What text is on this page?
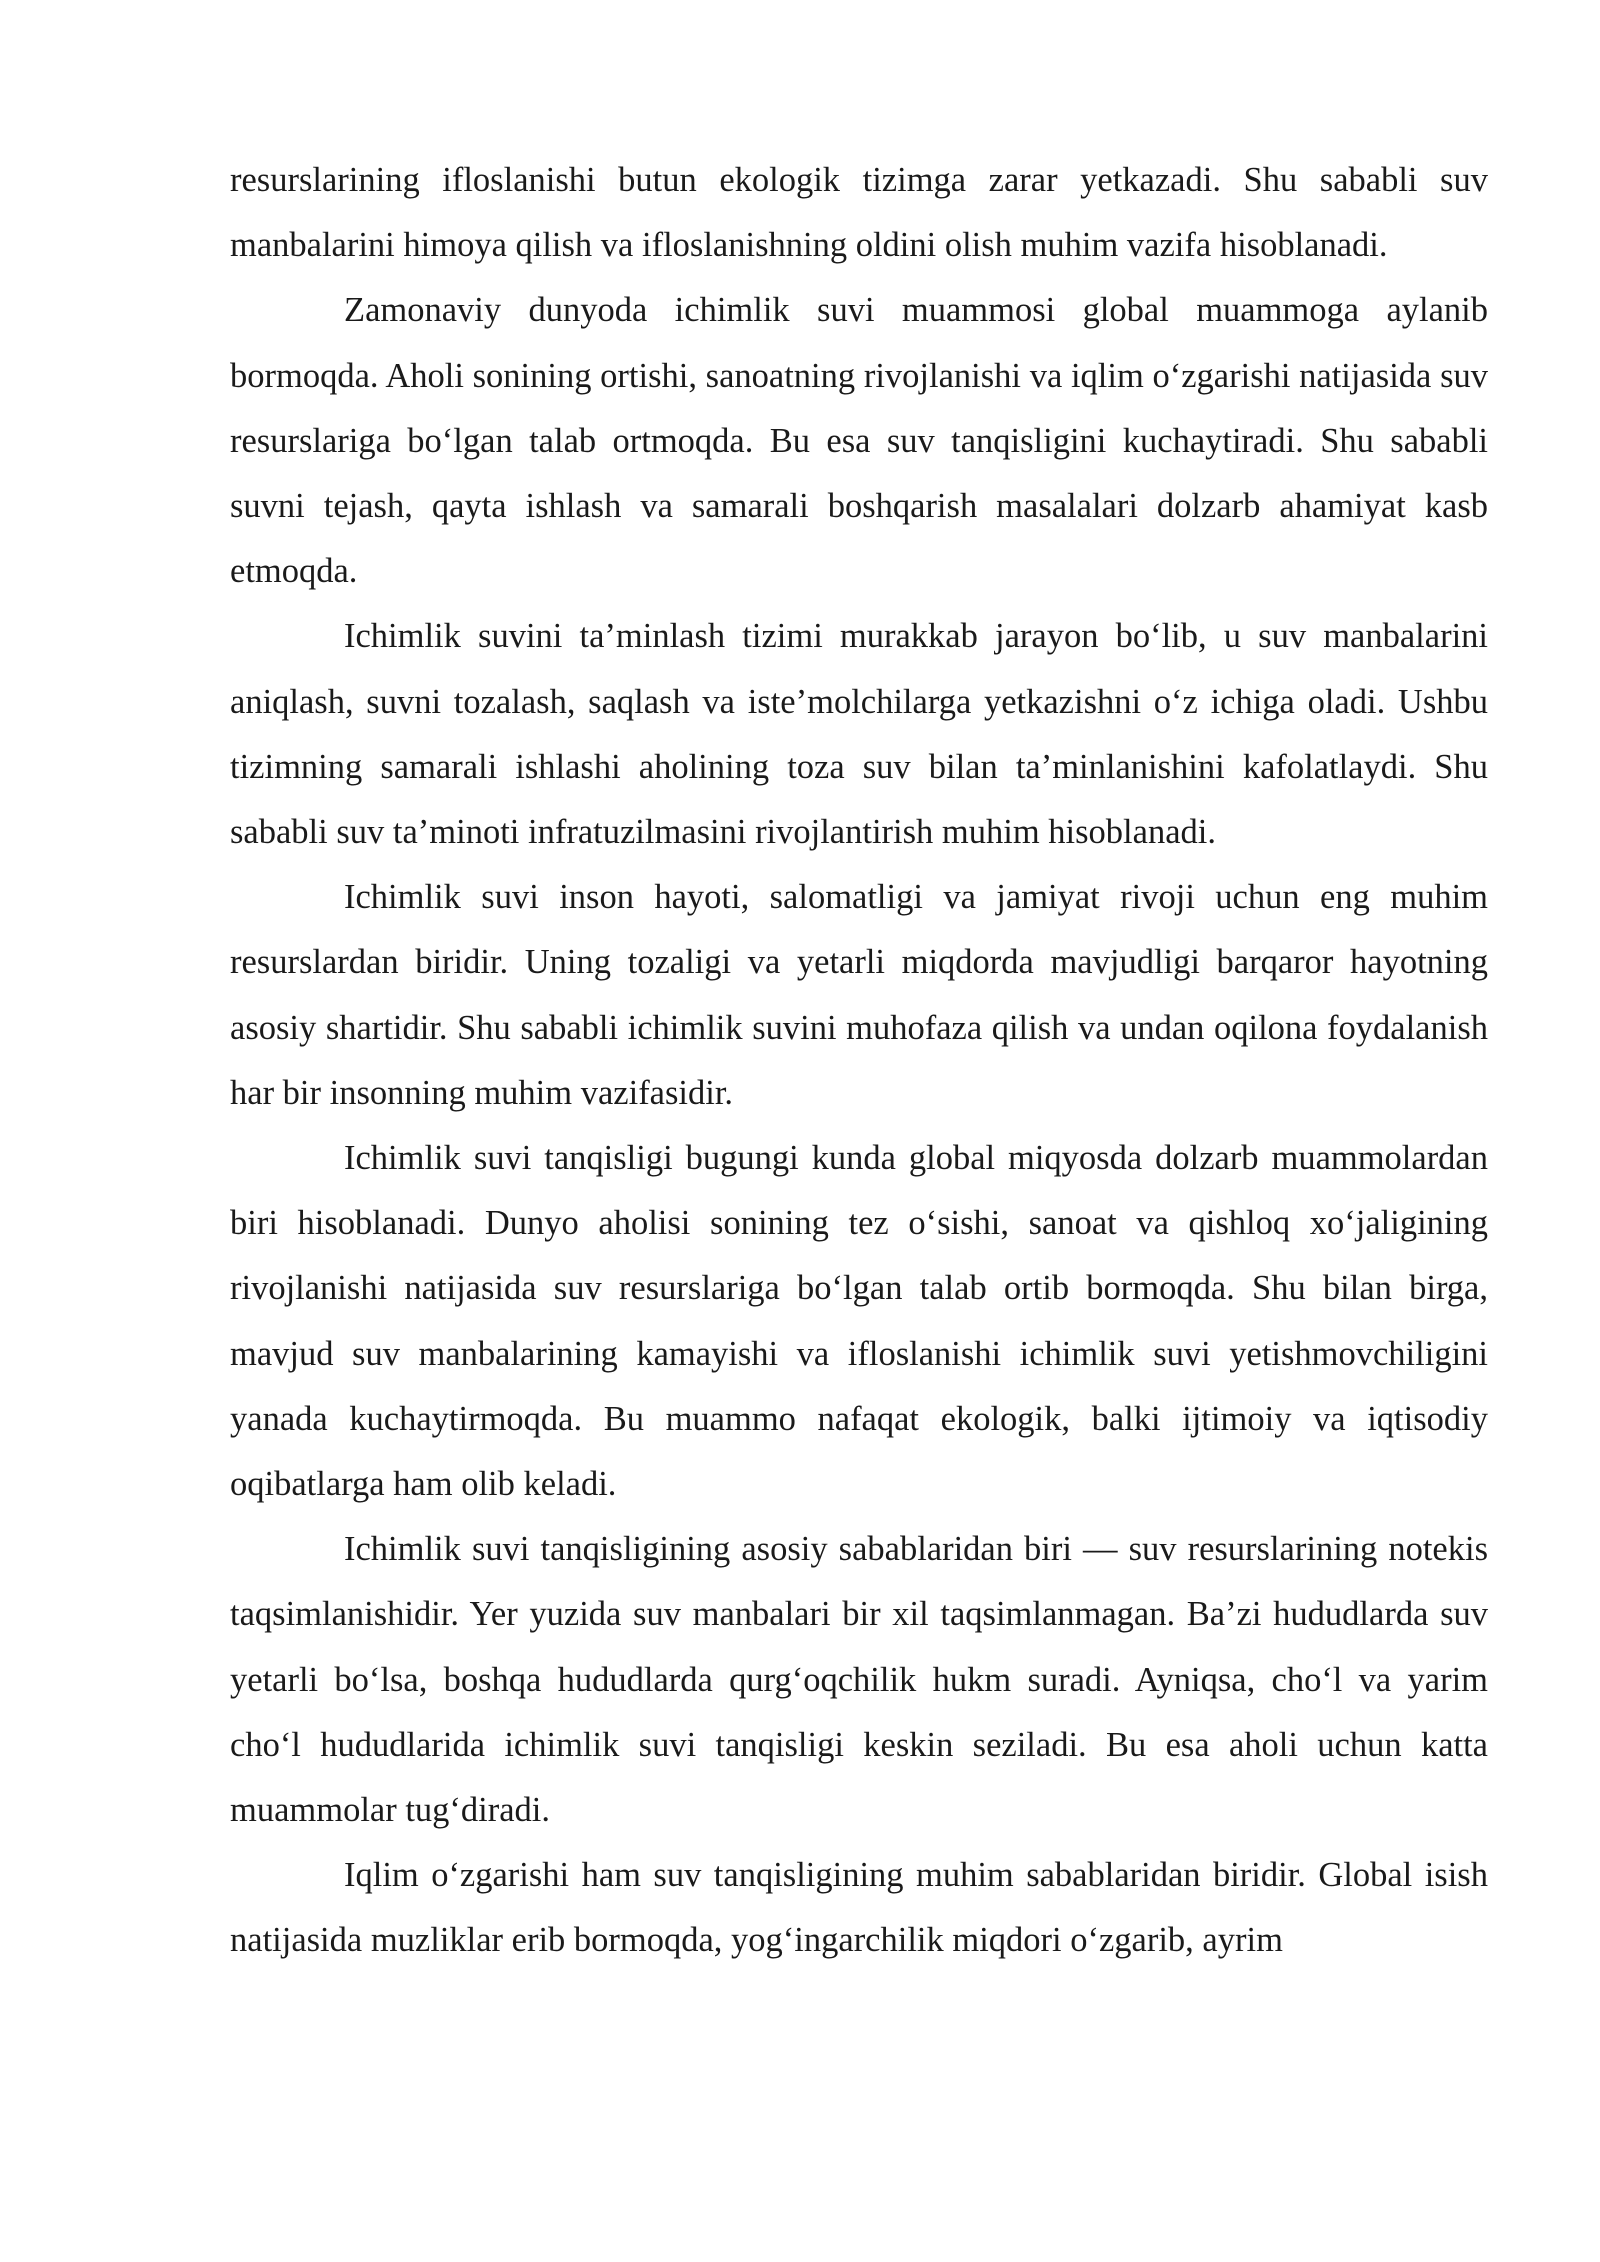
resurslarining ifloslanishi butun ekologik tizimga zarar yetkazadi. Shu sababli suv manbalarini himoya qilish va ifloslanishning oldini olish muhim vazifa hisoblanadi.

Zamonaviy dunyoda ichimlik suvi muammosi global muammoga aylanib bormoqda. Aholi sonining ortishi, sanoatning rivojlanishi va iqlim o‘zgarishi natijasida suv resurslariga bo‘lgan talab ortmoqda. Bu esa suv tanqisligini kuchaytiradi. Shu sababli suvni tejash, qayta ishlash va samarali boshqarish masalalari dolzarb ahamiyat kasb etmoqda.

Ichimlik suvini ta’minlash tizimi murakkab jarayon bo‘lib, u suv manbalarini aniqlash, suvni tozalash, saqlash va iste’molchilarga yetkazishni o‘z ichiga oladi. Ushbu tizimning samarali ishlashi aholining toza suv bilan ta’minlanishini kafolatlaydi. Shu sababli suv ta’minoti infratuzilmasini rivojlantirish muhim hisoblanadi.

Ichimlik suvi inson hayoti, salomatligi va jamiyat rivoji uchun eng muhim resurslardan biridir. Uning tozaligi va yetarli miqdorda mavjudligi barqaror hayotning asosiy shartidir. Shu sababli ichimlik suvini muhofaza qilish va undan oqilona foydalanish har bir insonning muhim vazifasidir.

Ichimlik suvi tanqisligi bugungi kunda global miqyosda dolzarb muammolardan biri hisoblanadi. Dunyo aholisi sonining tez o‘sishi, sanoat va qishloq xo‘jaligining rivojlanishi natijasida suv resurslariga bo‘lgan talab ortib bormoqda. Shu bilan birga, mavjud suv manbalarining kamayishi va ifloslanishi ichimlik suvi yetishmovchiligini yanada kuchaytirmoqda. Bu muammo nafaqat ekologik, balki ijtimoiy va iqtisodiy oqibatlarga ham olib keladi.

Ichimlik suvi tanqisligining asosiy sabablaridan biri — suv resurslarining notekis taqsimlanishidir. Yer yuzida suv manbalari bir xil taqsimlanmagan. Ba’zi hududlarda suv yetarli bo‘lsa, boshqa hududlarda qurg‘oqchilik hukm suradi. Ayniqsa, cho‘l va yarim cho‘l hududlarida ichimlik suvi tanqisligi keskin seziladi. Bu esa aholi uchun katta muammolar tug‘diradi.

Iqlim o‘zgarishi ham suv tanqisligining muhim sabablaridan biridir. Global isish natijasida muzliklar erib bormoqda, yog‘ingarchilik miqdori o‘zgarib, ayrim
